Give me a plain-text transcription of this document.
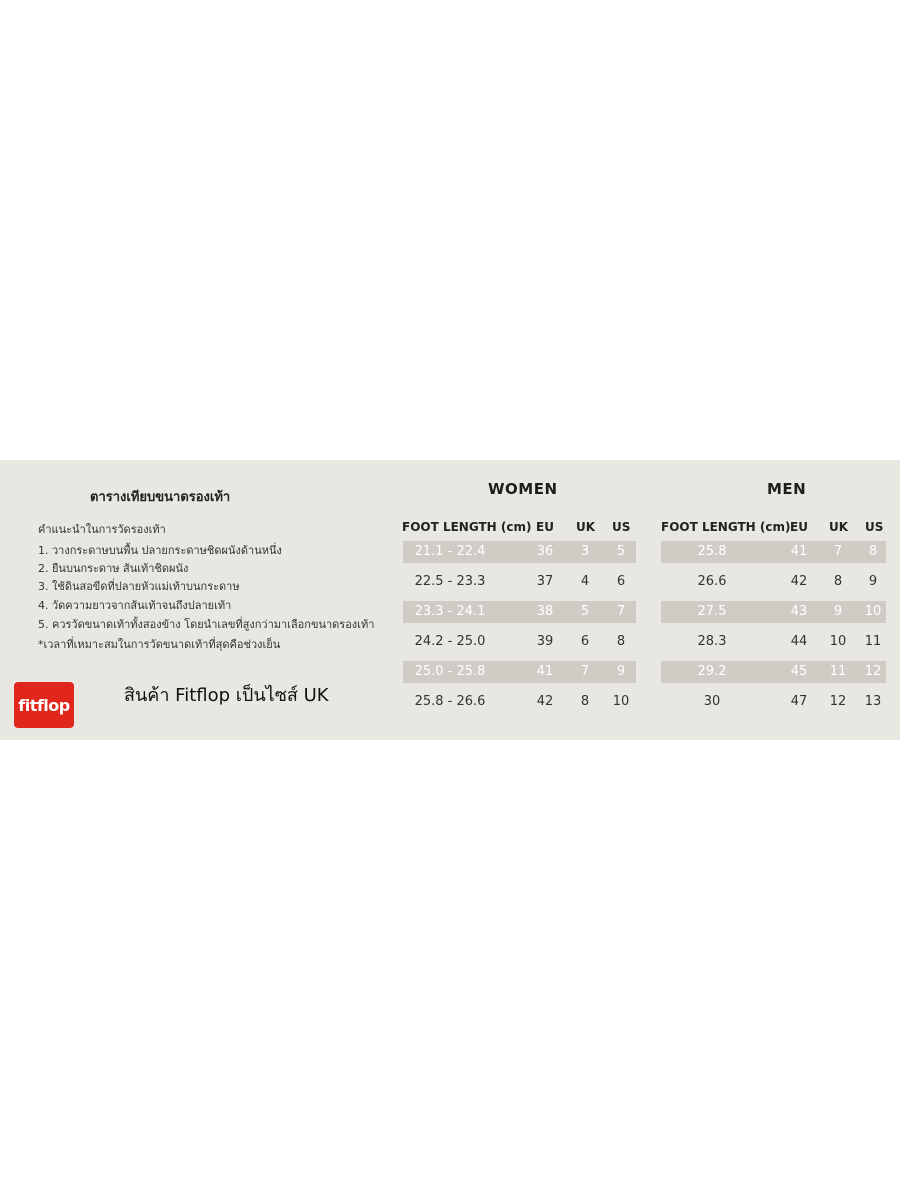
ตารางเทียบขนาดรองเท้า
คำแนะนำในการวัดรองเท้า
1. วางกระดาษบนพื้น ปลายกระดาษชิดผนังด้านหนึ่ง
2. ยืนบนกระดาษ ส้นเท้าชิดผนัง
3. ใช้ดินสอขีดที่ปลายหัวแม่เท้าบนกระดาษ
4. วัดความยาวจากส้นเท้าจนถึงปลายเท้า
5. ควรวัดขนาดเท้าทั้งสองข้าง โดยนำเลขที่สูงกว่ามาเลือกขนาดรองเท้า
*เวลาที่เหมาะสมในการวัดขนาดเท้าที่สุดคือช่วงเย็น
fitflop	สินค้า Fitflop เป็นไซส์ UK
WOMEN
FOOT LENGTH (cm) EU UK US
21.1 - 22.4	36	3	5
22.5 - 23.3	37	4	6
23.3 - 24.1	38	5	7
24.2 - 25.0	39	6	8
25.0 - 25.8	41	7	9
25.8 - 26.6	42	8	10
MEN
FOOT LENGTH (cm) EU UK US
25.8	41	7	8
26.6	42	8	9
27.5	43	9	10
28.3	44	10	11
29.2	45	11	12
30	47	12	13
